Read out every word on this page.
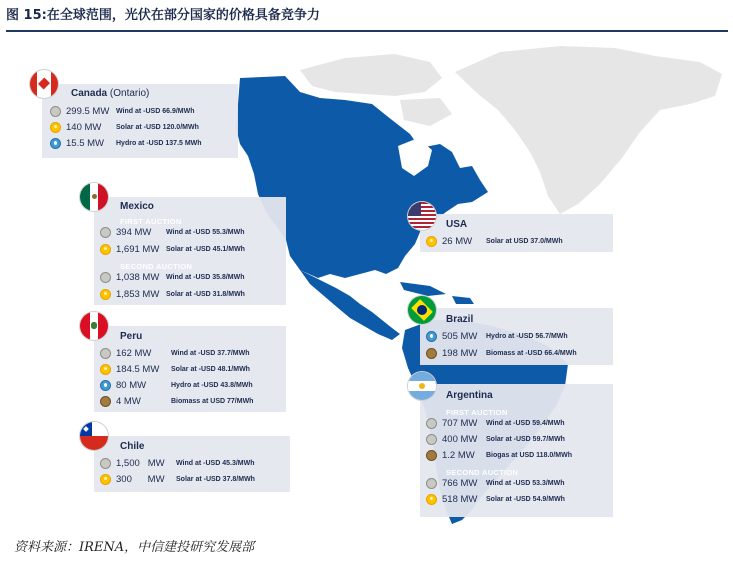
图 15:在全球范围，光伏在部分国家的价格具备竞争力
Canada (Ontario)
299.5 MW Wind at -USD 66.9/MWh
140 MW	Solar at -USD 120.0/MWh
15.5 MW	Hydro at -USD 137.5 MWh
Mexico
FIRST AUCTION
394 MW	Wind at -USD 55.3/MWh
1,691 MW Solar at -USD 45.1/MWh
SECOND AUCTION
1,038 MW Wind at -USD 35.8/MWh
1,853 MW Solar at -USD 31.8/MWh
Peru
162 MW	Wind at -USD 37.7/MWh
184.5 MW	Solar at -USD 48.1/MWh
80 MW	Hydro at -USD 43.8/MWh
4 MW	Biomass at USD 77/MWh
Chile
1,500   MW	Wind at -USD 45.3/MWh
300      MW	Solar at -USD 37.8/MWh
USA
26 MW	Solar at USD 37.0/MWh
Brazil
505 MW	Hydro at -USD 56.7/MWh
198 MW	Biomass at -USD 66.4/MWh
Argentina
FIRST AUCTION
707 MW	Wind at -USD 59.4/MWh
400 MW	Solar at -USD 59.7/MWh
1.2 MW	Biogas at USD 118.0/MWh
SECOND AUCTION
766 MW	Wind at -USD 53.3/MWh
518 MW	Solar at -USD 54.9/MWh
资料来源：IRENA，中信建投研究发展部
